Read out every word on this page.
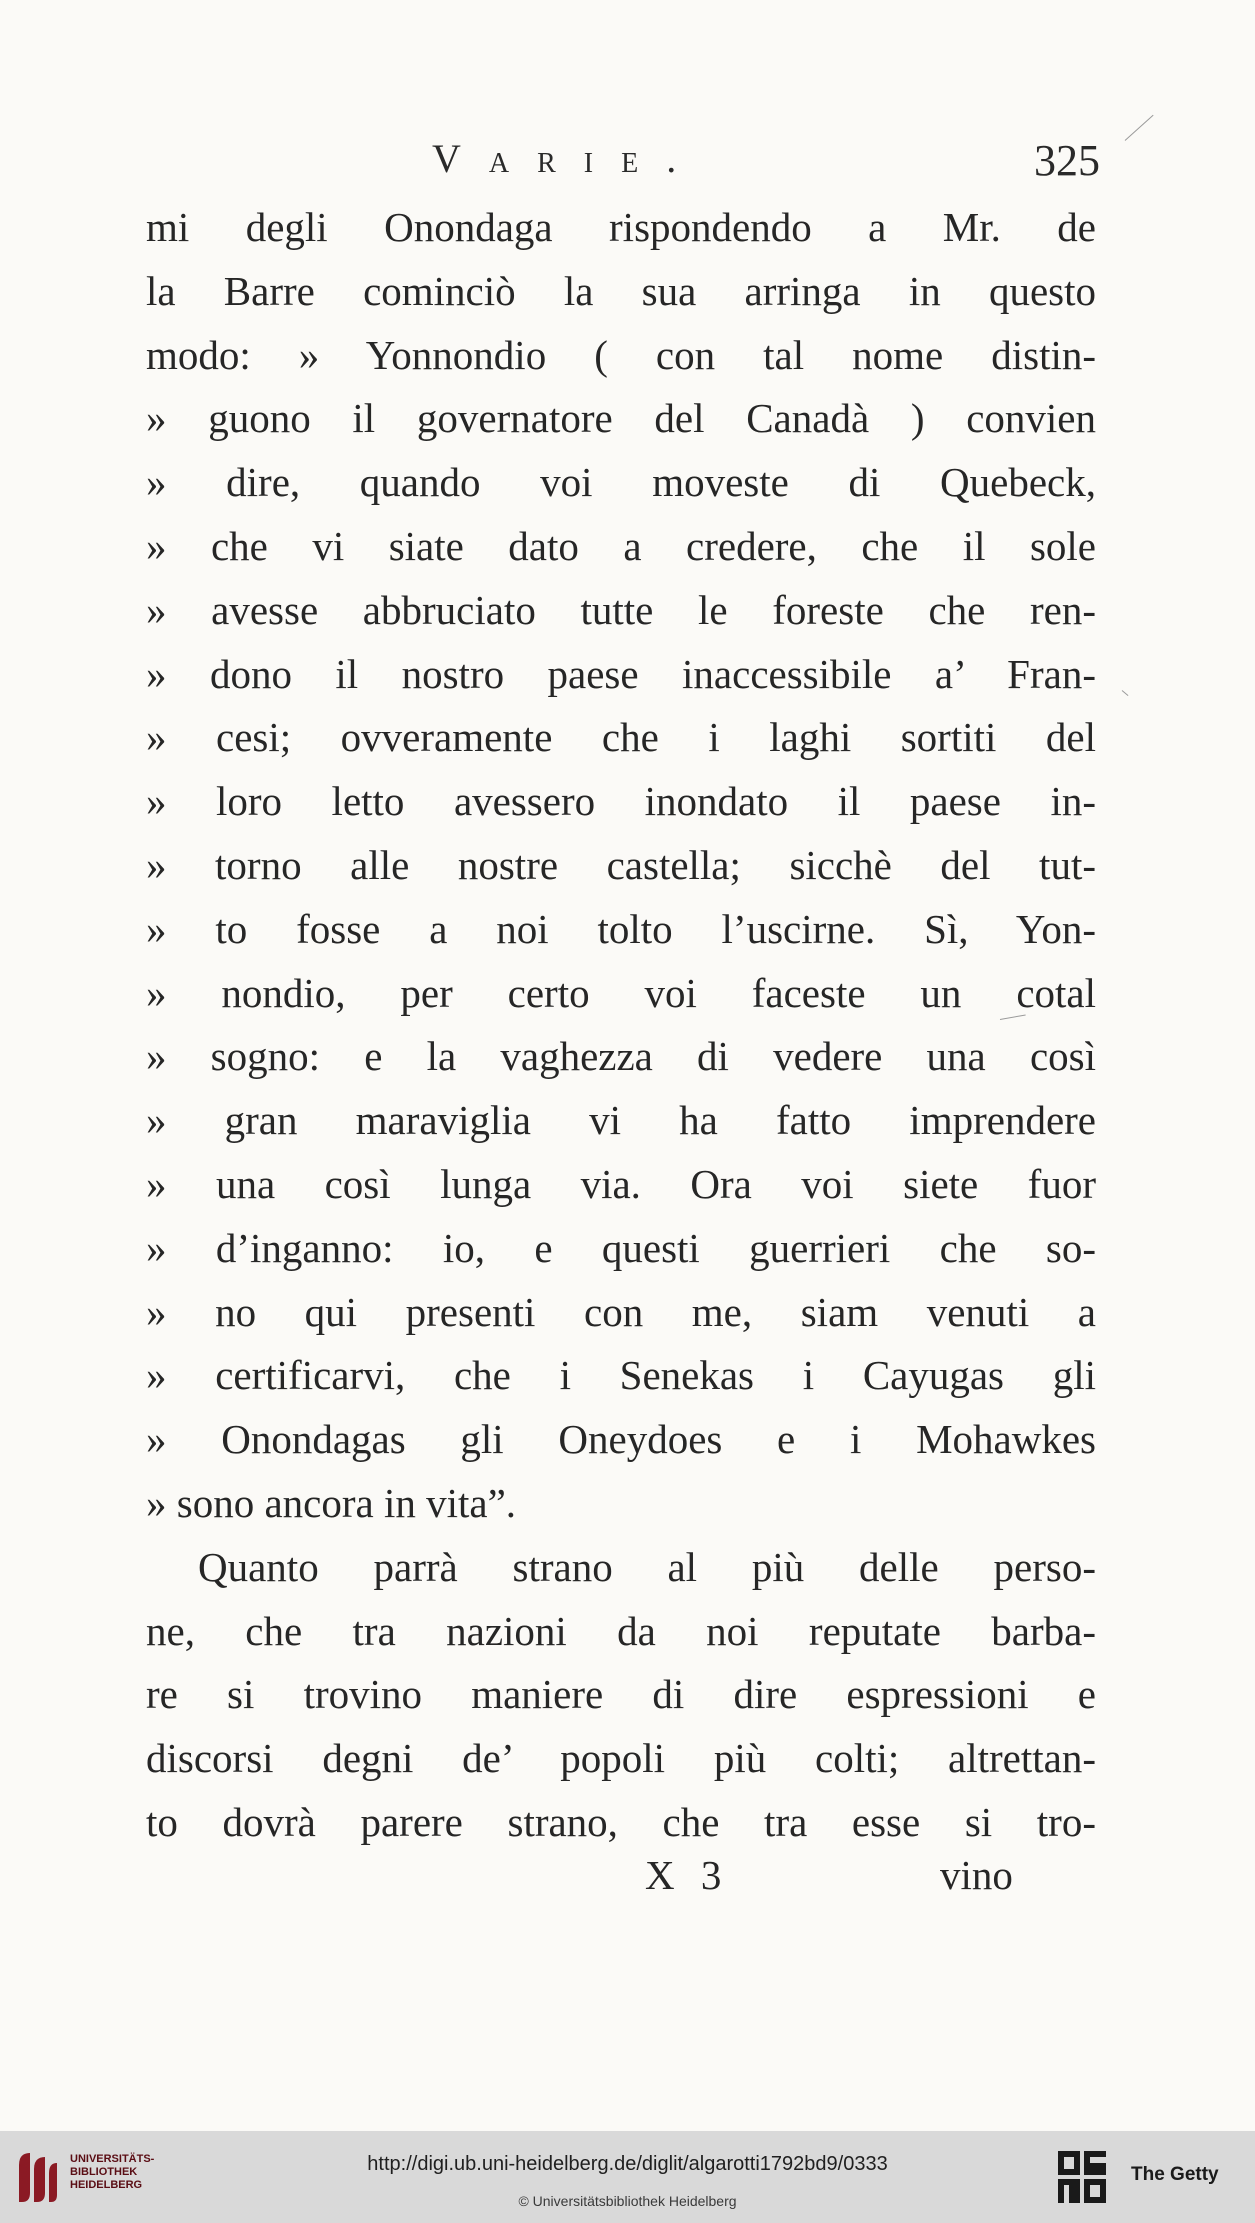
Varie.	325
mi degli Onondaga rispondendo a Mr. de
la Barre cominciò la sua arringa in questo
modo: » Yonnondio ( con tal nome distin-
» guono il governatore del Canadà ) convien
» dire, quando voi moveste di Quebeck,
» che vi siate dato a credere, che il sole
» avesse abbruciato tutte le foreste che ren-
» dono il nostro paese inaccessibile a’ Fran-
» cesi; ovveramente che i laghi sortiti del
» loro letto avessero inondato il paese in-
» torno alle nostre castella; sicchè del tut-
» to fosse a noi tolto l’uscirne. Sì, Yon-
» nondio, per certo voi faceste un cotal
» sogno: e la vaghezza di vedere una così
» gran maraviglia vi ha fatto imprendere
» una così lunga via. Ora voi siete fuor
» d’inganno: io, e questi guerrieri che so-
» no qui presenti con me, siam venuti a
» certificarvi, che i Senekas i Cayugas gli
» Onondagas gli Oneydoes e i Mohawkes
» sono ancora in vita”.
Quanto parrà strano al più delle perso-
ne, che tra nazioni da noi reputate barba-
re si trovino maniere di dire espressioni e
discorsi degni de’ popoli più colti; altrettan-
to dovrà parere strano, che tra esse si tro-
X 3	vino
UNIVERSITÄTS-
BIBLIOTHEK
HEIDELBERG
http://digi.ub.uni-heidelberg.de/diglit/algarotti1792bd9/0333
© Universitätsbibliothek Heidelberg
The Getty
